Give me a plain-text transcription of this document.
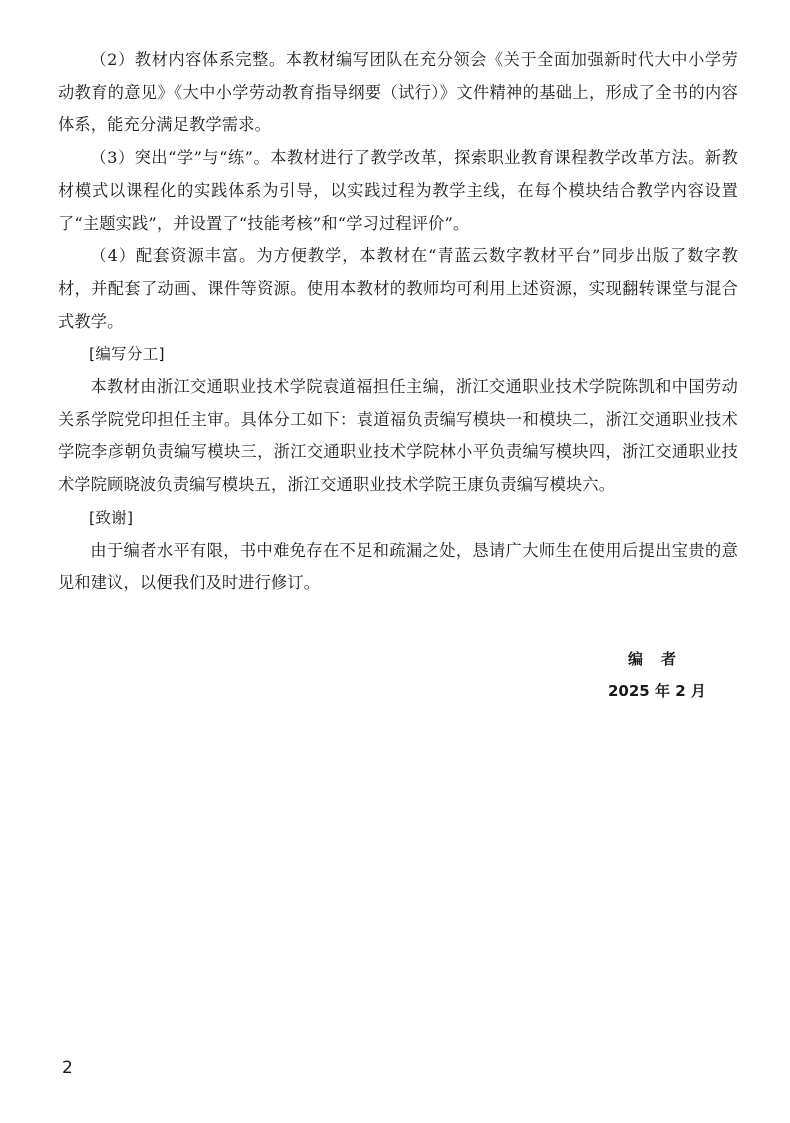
（2）教材内容体系完整。本教材编写团队在充分领会《关于全面加强新时代大中小学劳动教育的意见》《大中小学劳动教育指导纲要（试行）》文件精神的基础上，形成了全书的内容体系，能充分满足教学需求。

（3）突出“学”与“练”。本教材进行了教学改革，探索职业教育课程教学改革方法。新教材模式以课程化的实践体系为引导，以实践过程为教学主线，在每个模块结合教学内容设置了“主题实践”，并设置了“技能考核”和“学习过程评价”。

（4）配套资源丰富。为方便教学，本教材在“青蓝云数字教材平台”同步出版了数字教材，并配套了动画、课件等资源。使用本教材的教师均可利用上述资源，实现翻转课堂与混合式教学。

[编写分工]

本教材由浙江交通职业技术学院袁道福担任主编，浙江交通职业技术学院陈凯和中国劳动关系学院党印担任主审。具体分工如下：袁道福负责编写模块一和模块二，浙江交通职业技术学院李彦朝负责编写模块三，浙江交通职业技术学院林小平负责编写模块四，浙江交通职业技术学院顾晓波负责编写模块五，浙江交通职业技术学院王康负责编写模块六。

[致谢]

由于编者水平有限，书中难免存在不足和疏漏之处，恳请广大师生在使用后提出宝贵的意见和建议，以便我们及时进行修订。

编者
2025 年 2 月
2
